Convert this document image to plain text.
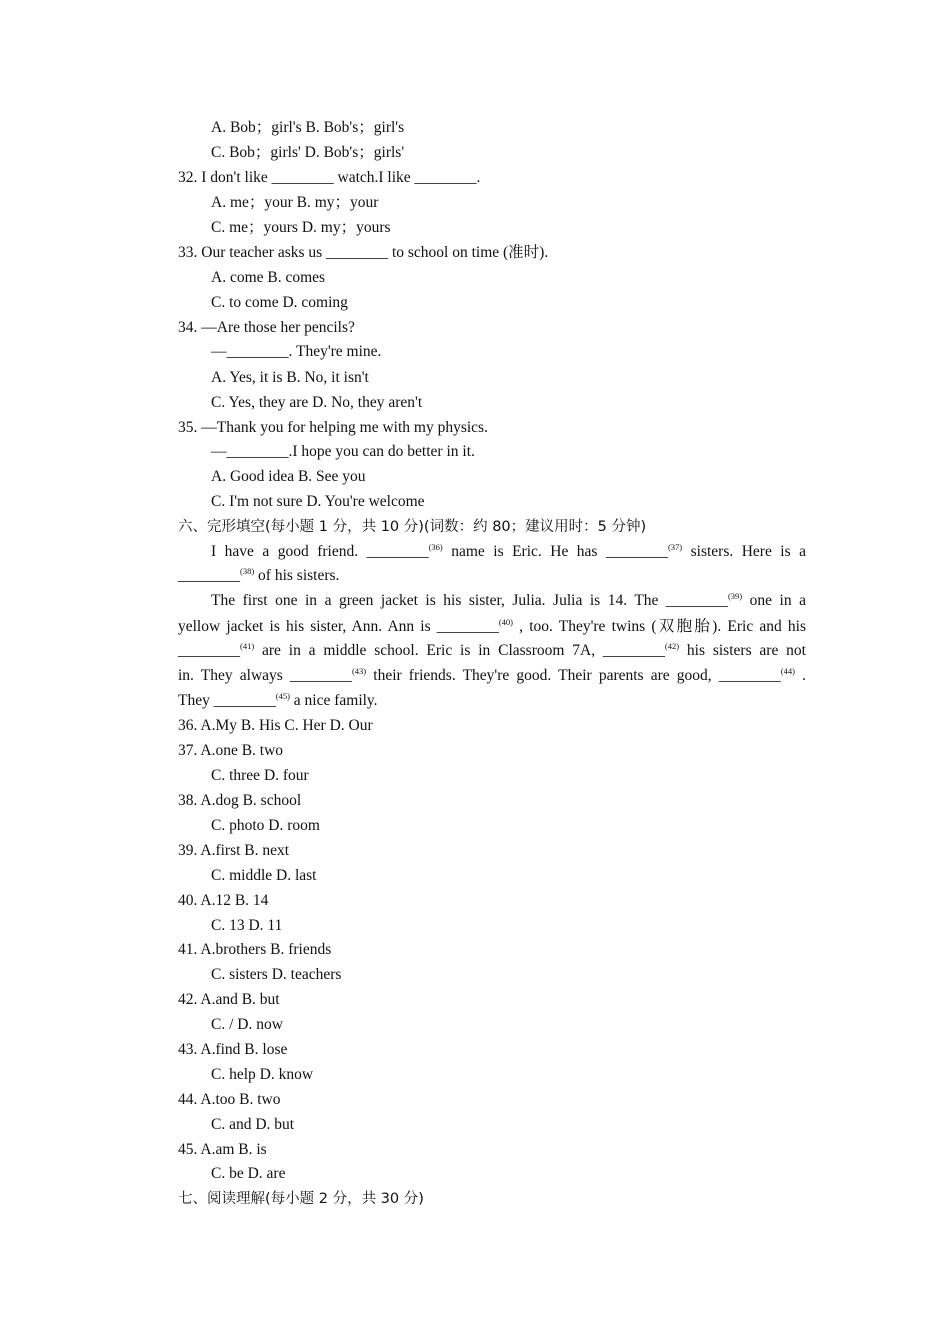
A. Bob；girl's B. Bob's；girl's
C. Bob；girls' D. Bob's；girls'
32. I don't like ________ watch.I like ________.
A. me；your B. my；your
C. me；yours D. my；yours
33. Our teacher asks us ________ to school on time (准时).
A. come B. comes
C. to come D. coming
34. —Are those her pencils?
—________. They're mine.
A. Yes, it is B. No, it isn't
C. Yes, they are D. No, they aren't
35. —Thank you for helping me with my physics.
—________.I hope you can do better in it.
A. Good idea B. See you
C. I'm not sure D. You're welcome
六、完形填空(每小题 1 分，共 10 分)(词数：约 80；建议用时：5 分钟)
I have a good friend. ________$^{(36)}$ name is Eric. He has ________$^{(37)}$ sisters. Here is a
________$^{(38)}$ of his sisters.
The first one in a green jacket is his sister, Julia. Julia is 14. The ________$^{(39)}$ one in a
yellow jacket is his sister, Ann. Ann is ________$^{(40)}$ , too. They're twins (双胞胎). Eric and his
________$^{(41)}$ are in a middle school. Eric is in Classroom 7A, ________$^{(42)}$ his sisters are not
in. They always ________$^{(43)}$ their friends. They're good. Their parents are good, ________$^{(44)}$ .
They ________$^{(45)}$ a nice family.
36. A.My B. His C. Her D. Our
37. A.one B. two
C. three D. four
38. A.dog B. school
C. photo D. room
39. A.first B. next
C. middle D. last
40. A.12 B. 14
C. 13 D. 11
41. A.brothers B. friends
C. sisters D. teachers
42. A.and B. but
C. / D. now
43. A.find B. lose
C. help D. know
44. A.too B. two
C. and D. but
45. A.am B. is
C. be D. are
七、阅读理解(每小题 2 分，共 30 分)
